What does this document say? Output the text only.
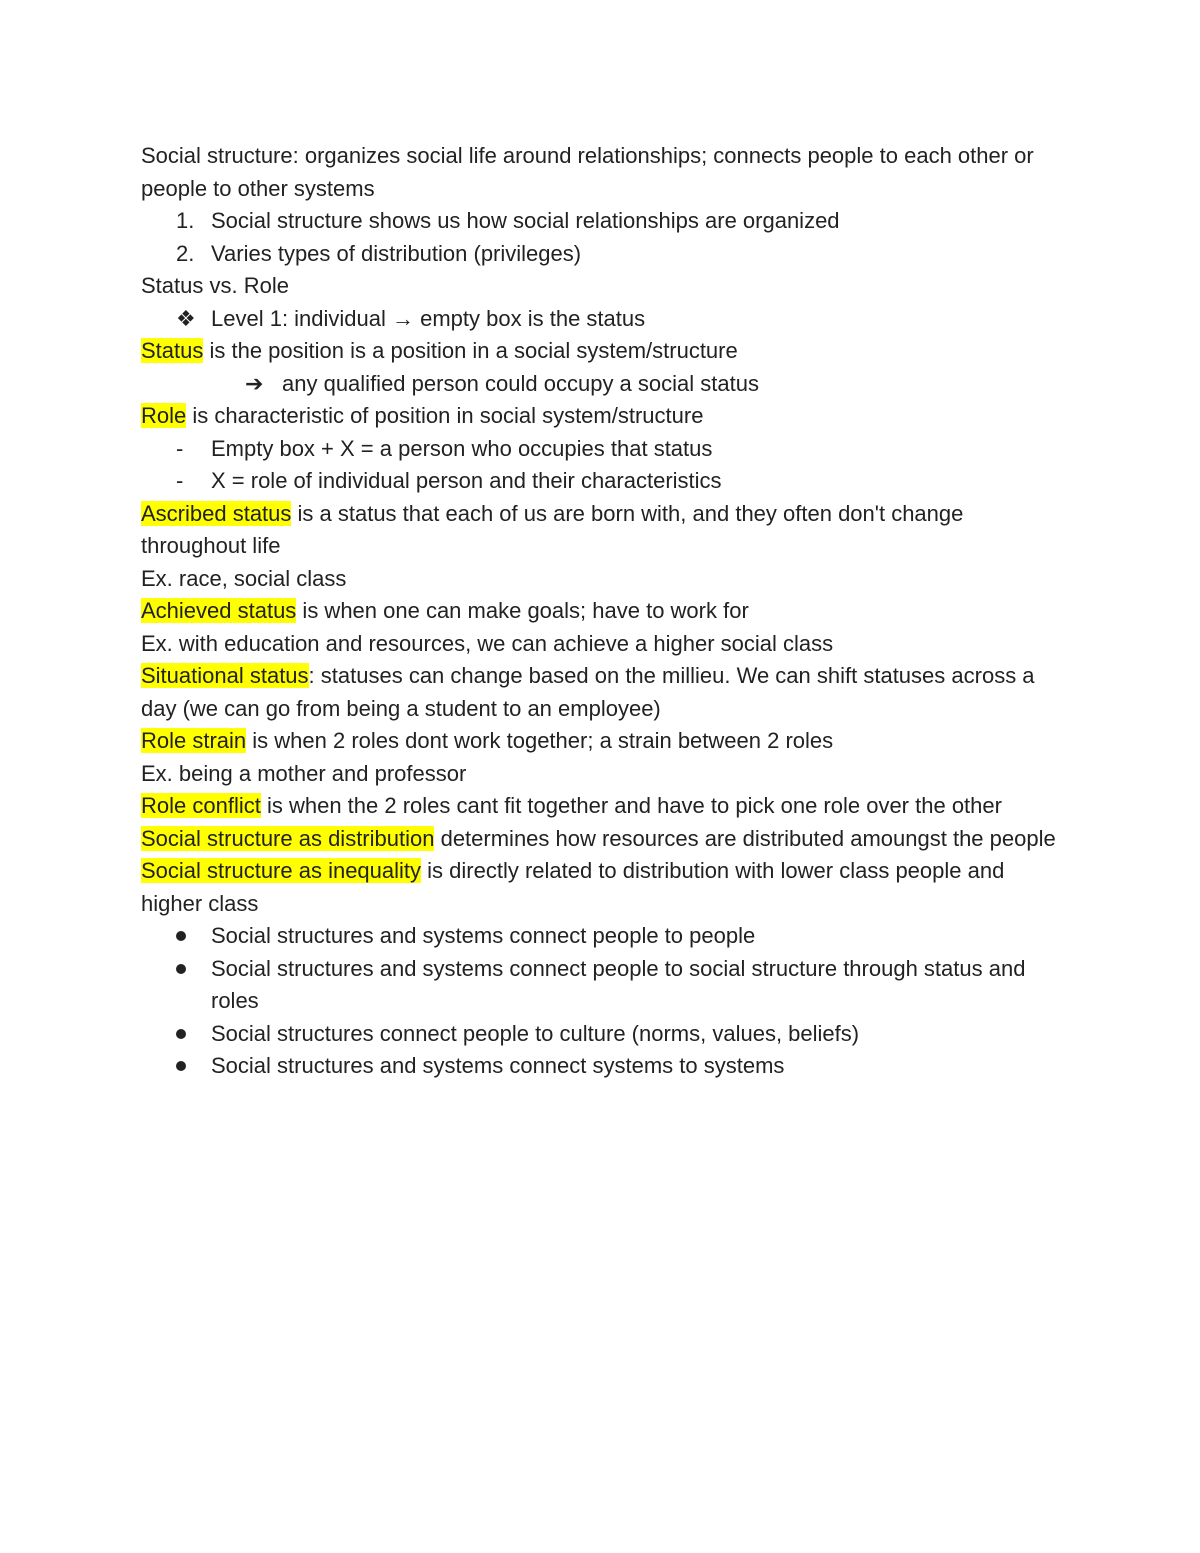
Social structure: organizes social life around relationships; connects people to each other or people to other systems

1. Social structure shows us how social relationships are organized
2. Varies types of distribution (privileges)

Status vs. Role

❖ Level 1: individual → empty box is the status

Status is the position is a position in a social system/structure

➔ any qualified person could occupy a social status

Role is characteristic of position in social system/structure

-	Empty box + X = a person who occupies that status
-	X = role of individual person and their characteristics

Ascribed status is a status that each of us are born with, and they often don't change throughout life

Ex. race, social class

Achieved status is when one can make goals; have to work for

Ex. with education and resources, we can achieve a higher social class

Situational status: statuses can change based on the millieu. We can shift statuses across a day (we can go from being a student to an employee)

Role strain is when 2 roles dont work together; a strain between 2 roles

Ex. being a mother and professor

Role conflict is when the 2 roles cant fit together and have to pick one role over the other

Social structure as distribution determines how resources are distributed amoungst the people

Social structure as inequality is directly related to distribution with lower class people and higher class

Social structures and systems connect people to people
Social structures and systems connect people to social structure through status and roles
Social structures connect people to culture (norms, values, beliefs)
Social structures and systems connect systems to systems
